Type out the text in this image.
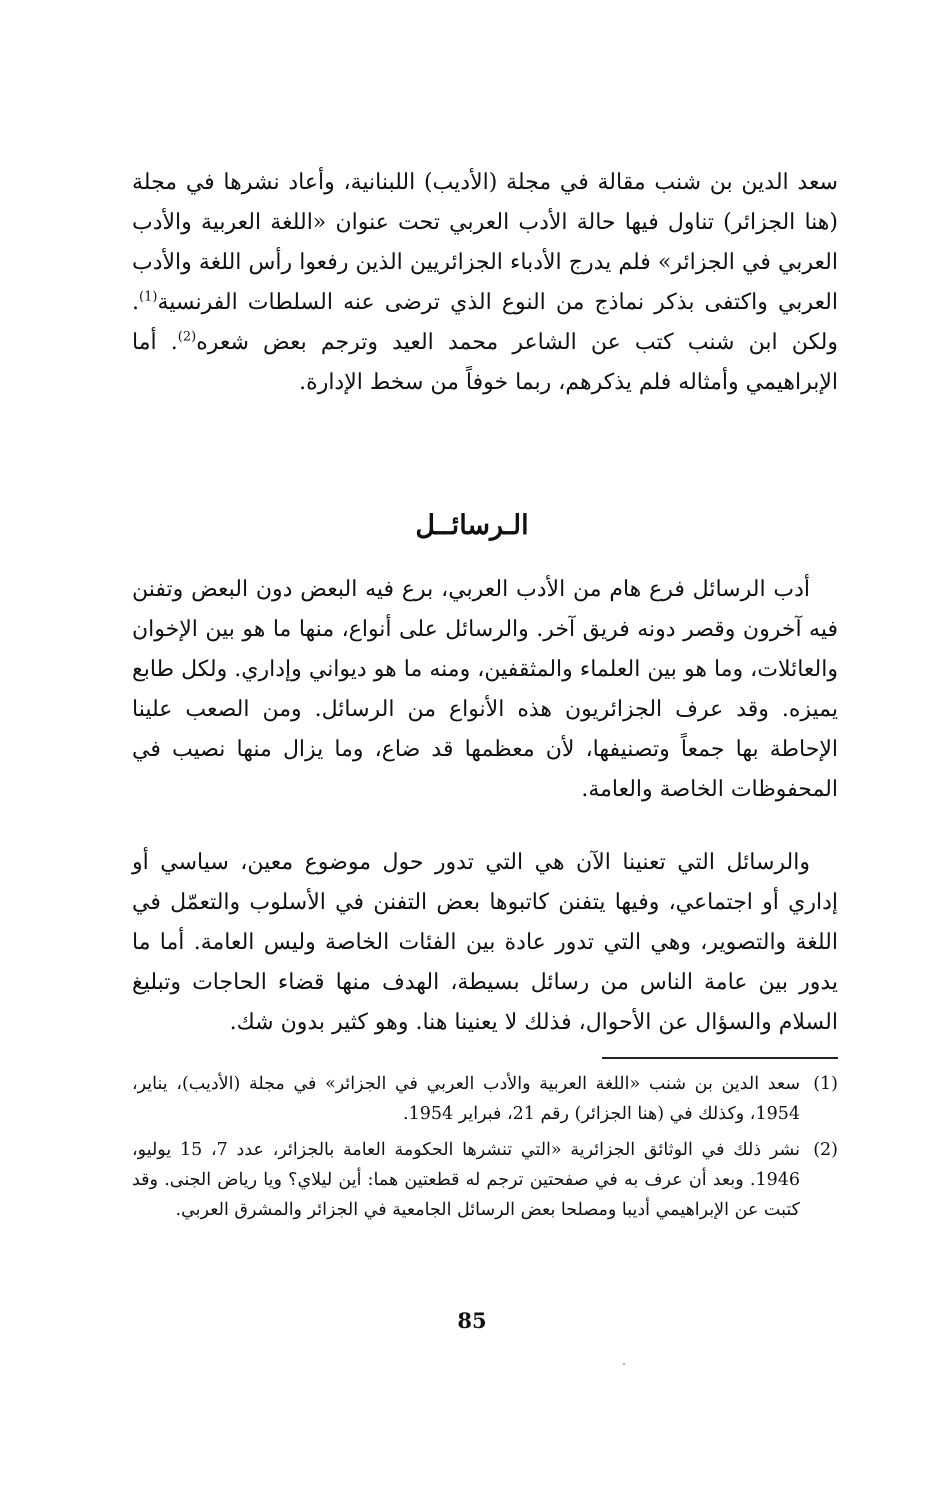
سعد الدين بن شنب مقالة في مجلة (الأديب) اللبنانية، وأعاد نشرها في مجلة (هنا الجزائر) تناول فيها حالة الأدب العربي تحت عنوان «اللغة العربية والأدب العربي في الجزائر» فلم يدرج الأدباء الجزائريين الذين رفعوا رأس اللغة والأدب العربي واكتفى بذكر نماذج من النوع الذي ترضى عنه السلطات الفرنسية$^{(1)}$. ولكن ابن شنب كتب عن الشاعر محمد العيد وترجم بعض شعره$^{(2)}$. أما الإبراهيمي وأمثاله فلم يذكرهم، ربما خوفاً من سخط الإدارة.

الـرسائــل

أدب الرسائل فرع هام من الأدب العربي، برع فيه البعض دون البعض وتفنن فيه آخرون وقصر دونه فريق آخر. والرسائل على أنواع، منها ما هو بين الإخوان والعائلات، وما هو بين العلماء والمثقفين، ومنه ما هو ديواني وإداري. ولكل طابع يميزه. وقد عرف الجزائريون هذه الأنواع من الرسائل. ومن الصعب علينا الإحاطة بها جمعاً وتصنيفها، لأن معظمها قد ضاع، وما يزال منها نصيب في المحفوظات الخاصة والعامة.

والرسائل التي تعنينا الآن هي التي تدور حول موضوع معين، سياسي أو إداري أو اجتماعي، وفيها يتفنن كاتبوها بعض التفنن في الأسلوب والتعمّل في اللغة والتصوير، وهي التي تدور عادة بين الفئات الخاصة وليس العامة. أما ما يدور بين عامة الناس من رسائل بسيطة، الهدف منها قضاء الحاجات وتبليغ السلام والسؤال عن الأحوال، فذلك لا يعنينا هنا. وهو كثير بدون شك.

(1)
سعد الدين بن شنب «اللغة العربية والأدب العربي في الجزائر» في مجلة (الأديب)، يناير، 1954، وكذلك في (هنا الجزائر) رقم 21، فبراير 1954.
(2)
نشر ذلك في الوثائق الجزائرية «التي تنشرها الحكومة العامة بالجزائر، عدد 7، 15 يوليو، 1946. وبعد أن عرف به في صفحتين ترجم له قطعتين هما: أين ليلاي؟ ويا رياض الجنى. وقد كتبت عن الإبراهيمي أديبا ومصلحا بعض الرسائل الجامعية في الجزائر والمشرق العربي.
85
